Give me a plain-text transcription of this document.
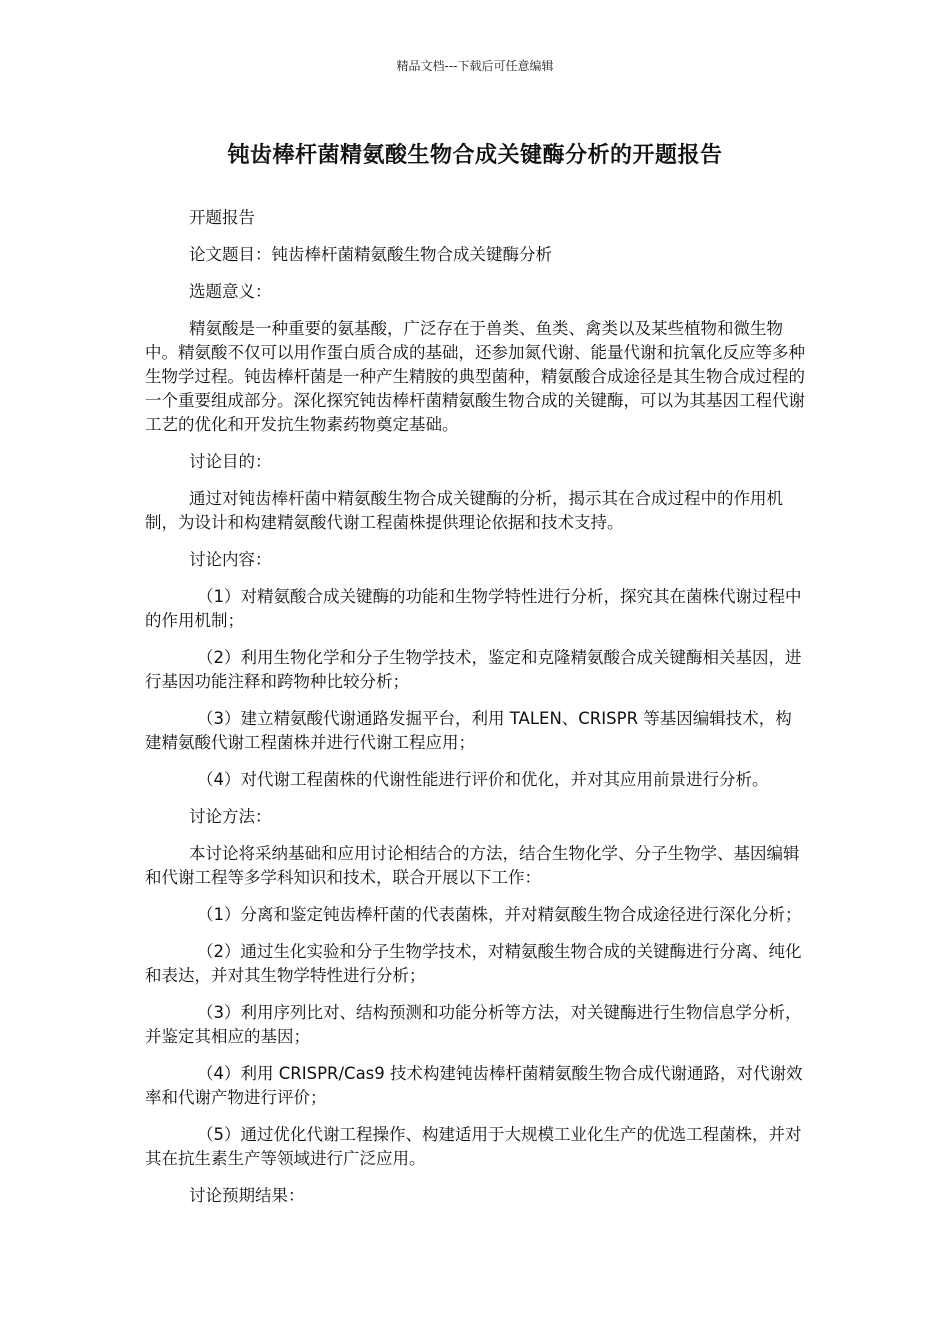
精品文档---下载后可任意编辑
钝齿棒杆菌精氨酸生物合成关键酶分析的开题报告

开题报告

论文题目：钝齿棒杆菌精氨酸生物合成关键酶分析

选题意义：

精氨酸是一种重要的氨基酸，广泛存在于兽类、鱼类、禽类以及某些植物和微生物中。精氨酸不仅可以用作蛋白质合成的基础，还参加氮代谢、能量代谢和抗氧化反应等多种生物学过程。钝齿棒杆菌是一种产生精胺的典型菌种，精氨酸合成途径是其生物合成过程的一个重要组成部分。深化探究钝齿棒杆菌精氨酸生物合成的关键酶，可以为其基因工程代谢工艺的优化和开发抗生物素药物奠定基础。

讨论目的：

通过对钝齿棒杆菌中精氨酸生物合成关键酶的分析，揭示其在合成过程中的作用机制，为设计和构建精氨酸代谢工程菌株提供理论依据和技术支持。

讨论内容：

（1）对精氨酸合成关键酶的功能和生物学特性进行分析，探究其在菌株代谢过程中的作用机制；

（2）利用生物化学和分子生物学技术，鉴定和克隆精氨酸合成关键酶相关基因，进行基因功能注释和跨物种比较分析；

（3）建立精氨酸代谢通路发掘平台，利用 TALEN、CRISPR 等基因编辑技术，构建精氨酸代谢工程菌株并进行代谢工程应用；

（4）对代谢工程菌株的代谢性能进行评价和优化，并对其应用前景进行分析。

讨论方法：

本讨论将采纳基础和应用讨论相结合的方法，结合生物化学、分子生物学、基因编辑和代谢工程等多学科知识和技术，联合开展以下工作：

（1）分离和鉴定钝齿棒杆菌的代表菌株，并对精氨酸生物合成途径进行深化分析；

（2）通过生化实验和分子生物学技术，对精氨酸生物合成的关键酶进行分离、纯化和表达，并对其生物学特性进行分析；

（3）利用序列比对、结构预测和功能分析等方法，对关键酶进行生物信息学分析，并鉴定其相应的基因；

（4）利用 CRISPR/Cas9 技术构建钝齿棒杆菌精氨酸生物合成代谢通路，对代谢效率和代谢产物进行评价；

（5）通过优化代谢工程操作、构建适用于大规模工业化生产的优选工程菌株，并对其在抗生素生产等领域进行广泛应用。

讨论预期结果：
